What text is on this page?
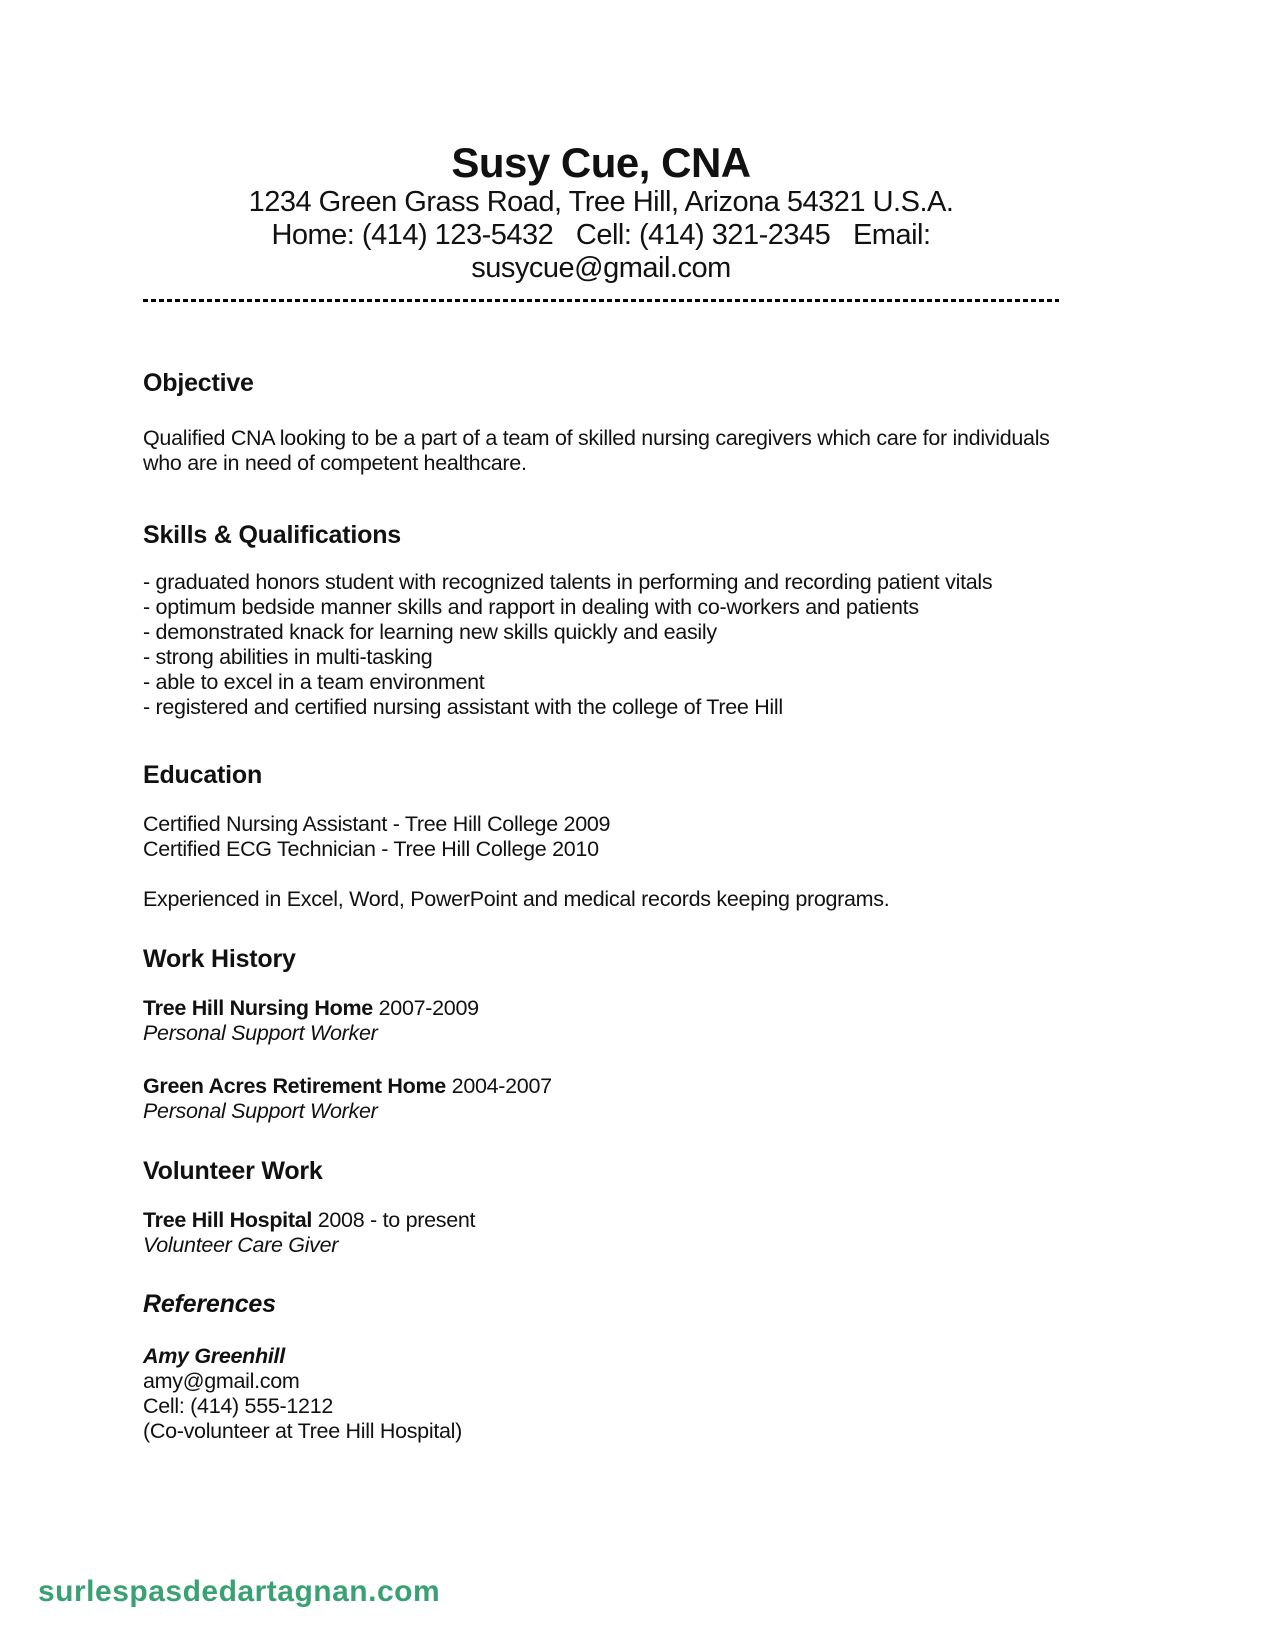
Susy Cue, CNA

1234 Green Grass Road, Tree Hill, Arizona 54321 U.S.A.

Home: (414) 123-5432   Cell: (414) 321-2345   Email:

susycue@gmail.com

Objective

Qualified CNA looking to be a part of a team of skilled nursing caregivers which care for individuals who are in need of competent healthcare.

Skills & Qualifications

- graduated honors student with recognized talents in performing and recording patient vitals

- optimum bedside manner skills and rapport in dealing with co-workers and patients

- demonstrated knack for learning new skills quickly and easily

- strong abilities in multi-tasking

- able to excel in a team environment

- registered and certified nursing assistant with the college of Tree Hill

Education

Certified Nursing Assistant - Tree Hill College 2009

Certified ECG Technician - Tree Hill College 2010

Experienced in Excel, Word, PowerPoint and medical records keeping programs.

Work History

Tree Hill Nursing Home 2007-2009

Personal Support Worker

Green Acres Retirement Home 2004-2007

Personal Support Worker

Volunteer Work

Tree Hill Hospital 2008 - to present

Volunteer Care Giver

References

Amy Greenhill

amy@gmail.com

Cell: (414) 555-1212

(Co-volunteer at Tree Hill Hospital)

surlespasdedartagnan.com
